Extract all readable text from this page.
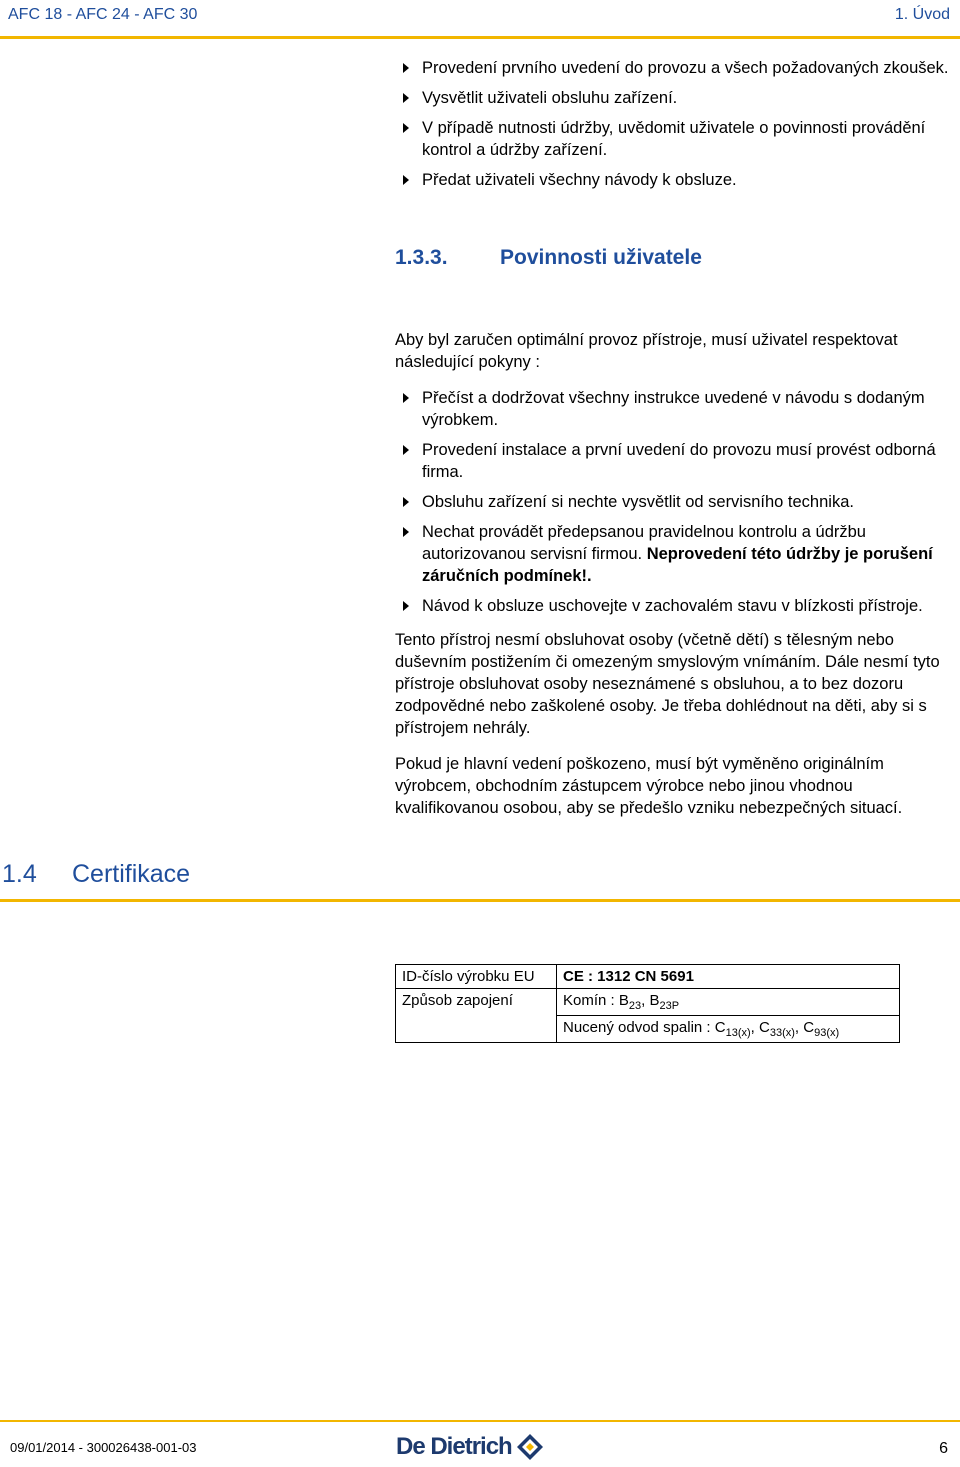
AFC 18 - AFC 24 - AFC 30	1. Úvod
Provedení prvního uvedení do provozu a všech požadovaných zkoušek.
Vysvětlit uživateli obsluhu zařízení.
V případě nutnosti údržby, uvědomit uživatele o povinnosti provádění kontrol a údržby zařízení.
Předat uživateli všechny návody k obsluze.
1.3.3. Povinnosti uživatele

Aby byl zaručen optimální provoz přístroje, musí uživatel respektovat následující pokyny :

Přečíst a dodržovat všechny instrukce uvedené v návodu s dodaným výrobkem.
Provedení instalace a první uvedení do provozu musí provést odborná firma.
Obsluhu zařízení si nechte vysvětlit od servisního technika.
Nechat provádět předepsanou pravidelnou kontrolu a údržbu autorizovanou servisní firmou. Neprovedení této údržby je porušení záručních podmínek!.
Návod k obsluze uschovejte v zachovalém stavu v blízkosti přístroje.

Tento přístroj nesmí obsluhovat osoby (včetně dětí) s tělesným nebo duševním postižením či omezeným smyslovým vnímáním. Dále nesmí tyto přístroje obsluhovat osoby neseznámené s obsluhou, a to bez dozoru zodpovědné nebo zaškolené osoby. Je třeba dohlédnout na děti, aby si s přístrojem nehrály.

Pokud je hlavní vedení poškozeno, musí být vyměněno originálním výrobcem, obchodním zástupcem výrobce nebo jinou vhodnou kvalifikovanou osobou, aby se předešlo vzniku nebezpečných situací.

1.4 Certifikace
ID-číslo výrobku EU	CE : 1312 CN 5691
Způsob zapojení	Komín : $B_{23}$, $B_{23P}$
	Nucený odvod spalin : $C_{13(x)}$, $C_{33(x)}$, $C_{93(x)}$
09/01/2014 - 300026438-001-03	De Dietrich	6
